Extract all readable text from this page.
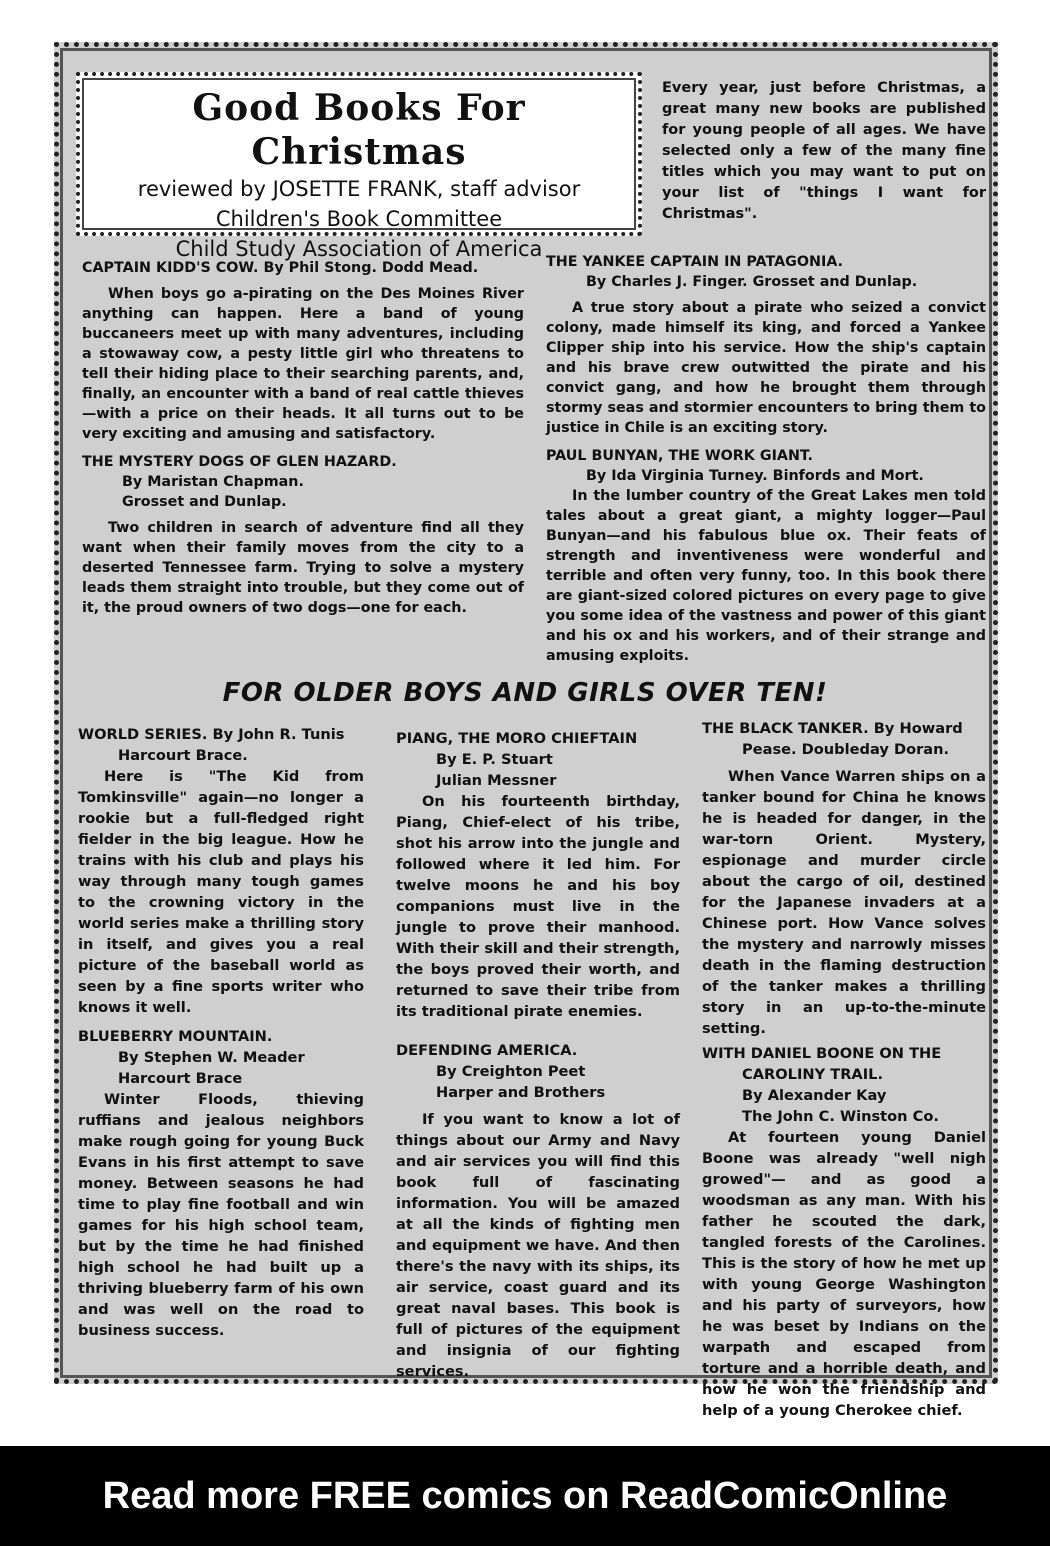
Good Books For Christmas
reviewed by JOSETTE FRANK, staff advisor
Children's Book Committee
Child Study Association of America
Every year, just before Christmas, a great many new books are published for young people of all ages. We have selected only a few of the many fine titles which you may want to put on your list of "things I want for Christmas".
CAPTAIN KIDD'S COW. By Phil Stong. Dodd Mead.

When boys go a-pirating on the Des Moines River anything can happen. Here a band of young buccaneers meet up with many adventures, including a stowaway cow, a pesty little girl who threatens to tell their hiding place to their searching parents, and, finally, an encounter with a band of real cattle thieves —with a price on their heads. It all turns out to be very exciting and amusing and satisfactory.

THE MYSTERY DOGS OF GLEN HAZARD.
By Maristan Chapman.
Grosset and Dunlap.

Two children in search of adventure find all they want when their family moves from the city to a deserted Tennessee farm. Trying to solve a mystery leads them straight into trouble, but they come out of it, the proud owners of two dogs—one for each.

THE YANKEE CAPTAIN IN PATAGONIA.
By Charles J. Finger. Grosset and Dunlap.

A true story about a pirate who seized a convict colony, made himself its king, and forced a Yankee Clipper ship into his service. How the ship's captain and his brave crew outwitted the pirate and his convict gang, and how he brought them through stormy seas and stormier encounters to bring them to justice in Chile is an exciting story.

PAUL BUNYAN, THE WORK GIANT.
By Ida Virginia Turney. Binfords and Mort.

In the lumber country of the Great Lakes men told tales about a great giant, a mighty logger—Paul Bunyan—and his fabulous blue ox. Their feats of strength and inventiveness were wonderful and terrible and often very funny, too. In this book there are giant-sized colored pictures on every page to give you some idea of the vastness and power of this giant and his ox and his workers, and of their strange and amusing exploits.

FOR OLDER BOYS AND GIRLS OVER TEN!
WORLD SERIES. By John R. Tunis
Harcourt Brace.

Here is "The Kid from Tomkinsville" again—no longer a rookie but a full-fledged right fielder in the big league. How he trains with his club and plays his way through many tough games to the crowning victory in the world series make a thrilling story in itself, and gives you a real picture of the baseball world as seen by a fine sports writer who knows it well.

BLUEBERRY MOUNTAIN.
By Stephen W. Meader
Harcourt Brace

Winter Floods, thieving ruffians and jealous neighbors make rough going for young Buck Evans in his first attempt to save money. Between seasons he had time to play fine football and win games for his high school team, but by the time he had finished high school he had built up a thriving blueberry farm of his own and was well on the road to business success.

PIANG, THE MORO CHIEFTAIN
By E. P. Stuart
Julian Messner

On his fourteenth birthday, Piang, Chief-elect of his tribe, shot his arrow into the jungle and followed where it led him. For twelve moons he and his boy companions must live in the jungle to prove their manhood. With their skill and their strength, the boys proved their worth, and returned to save their tribe from its traditional pirate enemies.

DEFENDING AMERICA.
By Creighton Peet
Harper and Brothers

If you want to know a lot of things about our Army and Navy and air services you will find this book full of fascinating information. You will be amazed at all the kinds of fighting men and equipment we have. And then there's the navy with its ships, its air service, coast guard and its great naval bases. This book is full of pictures of the equipment and insignia of our fighting services.

THE BLACK TANKER. By Howard
Pease. Doubleday Doran.

When Vance Warren ships on a tanker bound for China he knows he is headed for danger, in the war-torn Orient. Mystery, espionage and murder circle about the cargo of oil, destined for the Japanese invaders at a Chinese port. How Vance solves the mystery and narrowly misses death in the flaming destruction of the tanker makes a thrilling story in an up-to-the-minute setting.

WITH DANIEL BOONE ON THE
CAROLINY TRAIL.
By Alexander Kay
The John C. Winston Co.

At fourteen young Daniel Boone was already "well nigh growed"— and as good a woodsman as any man. With his father he scouted the dark, tangled forests of the Carolines. This is the story of how he met up with young George Washington and his party of surveyors, how he was beset by Indians on the warpath and escaped from torture and a horrible death, and how he won the friendship and help of a young Cherokee chief.

Read more FREE comics on ReadComicOnline
